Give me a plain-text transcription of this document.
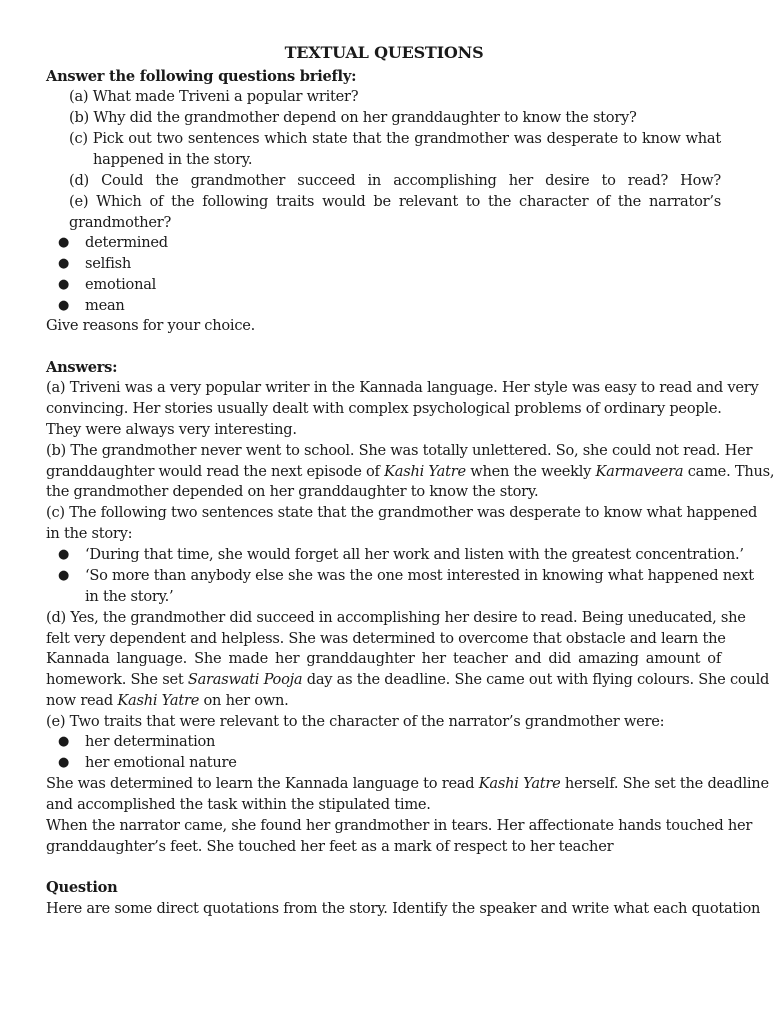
TEXTUAL QUESTIONS
Answer the following questions briefly:
(a) What made Triveni a popular writer?
(b) Why did the grandmother depend on her granddaughter to know the story?
(c) Pick out two sentences which state that the grandmother was desperate to know what
happened in the story.
(d) Could the grandmother succeed in accomplishing her desire to read? How?
(e) Which of the following traits would be relevant to the character of the narrator’s
grandmother?
● determined
● selfish
● emotional
● mean
Give reasons for your choice.
Answers:
(a) Triveni was a very popular writer in the Kannada language. Her style was easy to read and very
convincing. Her stories usually dealt with complex psychological problems of ordinary people.
They were always very interesting.
(b) The grandmother never went to school. She was totally unlettered. So, she could not read. Her
granddaughter would read the next episode of Kashi Yatre when the weekly Karmaveera came. Thus,
the grandmother depended on her granddaughter to know the story.
(c) The following two sentences state that the grandmother was desperate to know what happened
in the story:
● ‘During that time, she would forget all her work and listen with the greatest concentration.’
● ‘So more than anybody else she was the one most interested in knowing what happened next
in the story.’
(d) Yes, the grandmother did succeed in accomplishing her desire to read. Being uneducated, she
felt very dependent and helpless. She was determined to overcome that obstacle and learn the
Kannada language. She made her granddaughter her teacher and did amazing amount of
homework. She set Saraswati Pooja day as the deadline. She came out with flying colours. She could
now read Kashi Yatre on her own.
(e) Two traits that were relevant to the character of the narrator’s grandmother were:
● her determination
● her emotional nature
She was determined to learn the Kannada language to read Kashi Yatre herself. She set the deadline
and accomplished the task within the stipulated time.
When the narrator came, she found her grandmother in tears. Her affectionate hands touched her
granddaughter’s feet. She touched her feet as a mark of respect to her teacher
Question
Here are some direct quotations from the story. Identify the speaker and write what each quotation
